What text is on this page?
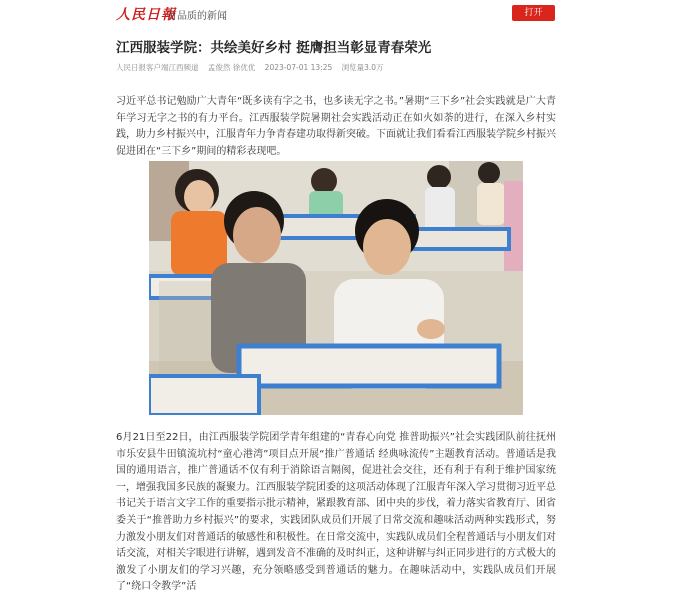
人民日報
有品质的新闻	打开
江西服装学院：共绘美好乡村 挺膺担当彰显青春荣光
人民日报客户端江西频道 孟俊然 徐优优 2023-07-01 13:25 浏览量3.0万

习近平总书记勉励广大青年“既多读有字之书，也多读无字之书。”暑期“三下乡”社会实践就是广大青年学习无字之书的有力平台。江西服装学院暑期社会实践活动正在如火如荼的进行，在深入乡村实践，助力乡村振兴中，江服青年力争青春建功取得新突破。下面就让我们看看江西服装学院乡村振兴促进团在“三下乡”期间的精彩表现吧。

6月21日至22日，由江西服装学院团学青年组建的“青春心向党 推普助振兴”社会实践团队前往抚州市乐安县牛田镇流坑村“童心港湾”项目点开展“推广普通话 经典咏流传”主题教育活动。普通话是我国的通用语言，推广普通话不仅有利于消除语言隔阂，促进社会交往，还有利于有利于维护国家统一，增强我国多民族的凝聚力。江西服装学院团委的这项活动体现了江服青年深入学习贯彻习近平总书记关于语言文字工作的重要指示批示精神，紧跟教育部、团中央的步伐，着力落实省教育厅、团省委关于“推普助力乡村振兴”的要求，实践团队成员们开展了日常交流和趣味活动两种实践形式，努力激发小朋友们对普通话的敏感性和积极性。在日常交流中，实践队成员们全程普通话与小朋友们对话交流，对相关字眼进行讲解，遇到发音不准确的及时纠正，这种讲解与纠正同步进行的方式极大的激发了小朋友们的学习兴趣，充分领略感受到普通话的魅力。在趣味活动中，实践队成员们开展了“绕口令教学”活
